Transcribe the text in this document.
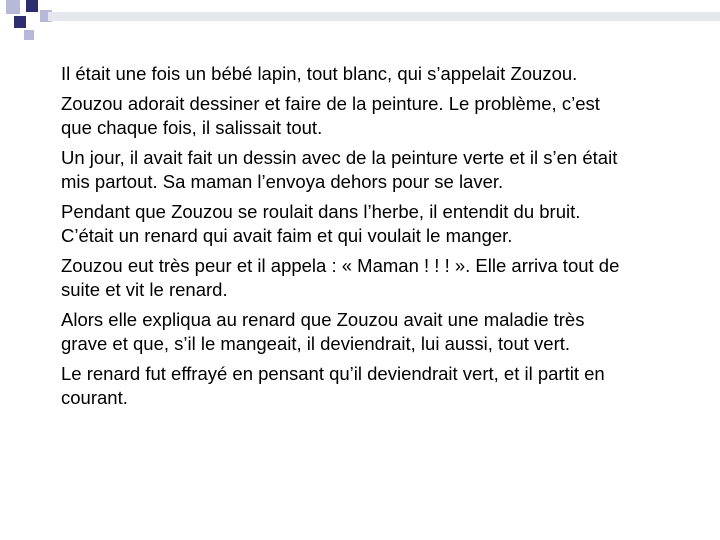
Il était une fois un bébé lapin, tout blanc, qui s’appelait Zouzou.

Zouzou adorait dessiner et faire de la peinture. Le problème, c’est
que chaque fois, il salissait tout.

Un jour, il avait fait un dessin avec de la peinture verte et il s’en était
mis partout. Sa maman l’envoya dehors pour se laver.

Pendant que Zouzou se roulait dans l’herbe, il entendit du bruit.
C’était un renard qui avait faim et qui voulait le manger.

Zouzou eut très peur et il appela : « Maman ! ! ! ». Elle arriva tout de
suite et vit le renard.

Alors elle expliqua au renard que Zouzou avait une maladie très
grave et que, s’il le mangeait, il deviendrait, lui aussi, tout vert.

Le renard fut effrayé en pensant qu’il deviendrait vert, et il partit en
courant.
